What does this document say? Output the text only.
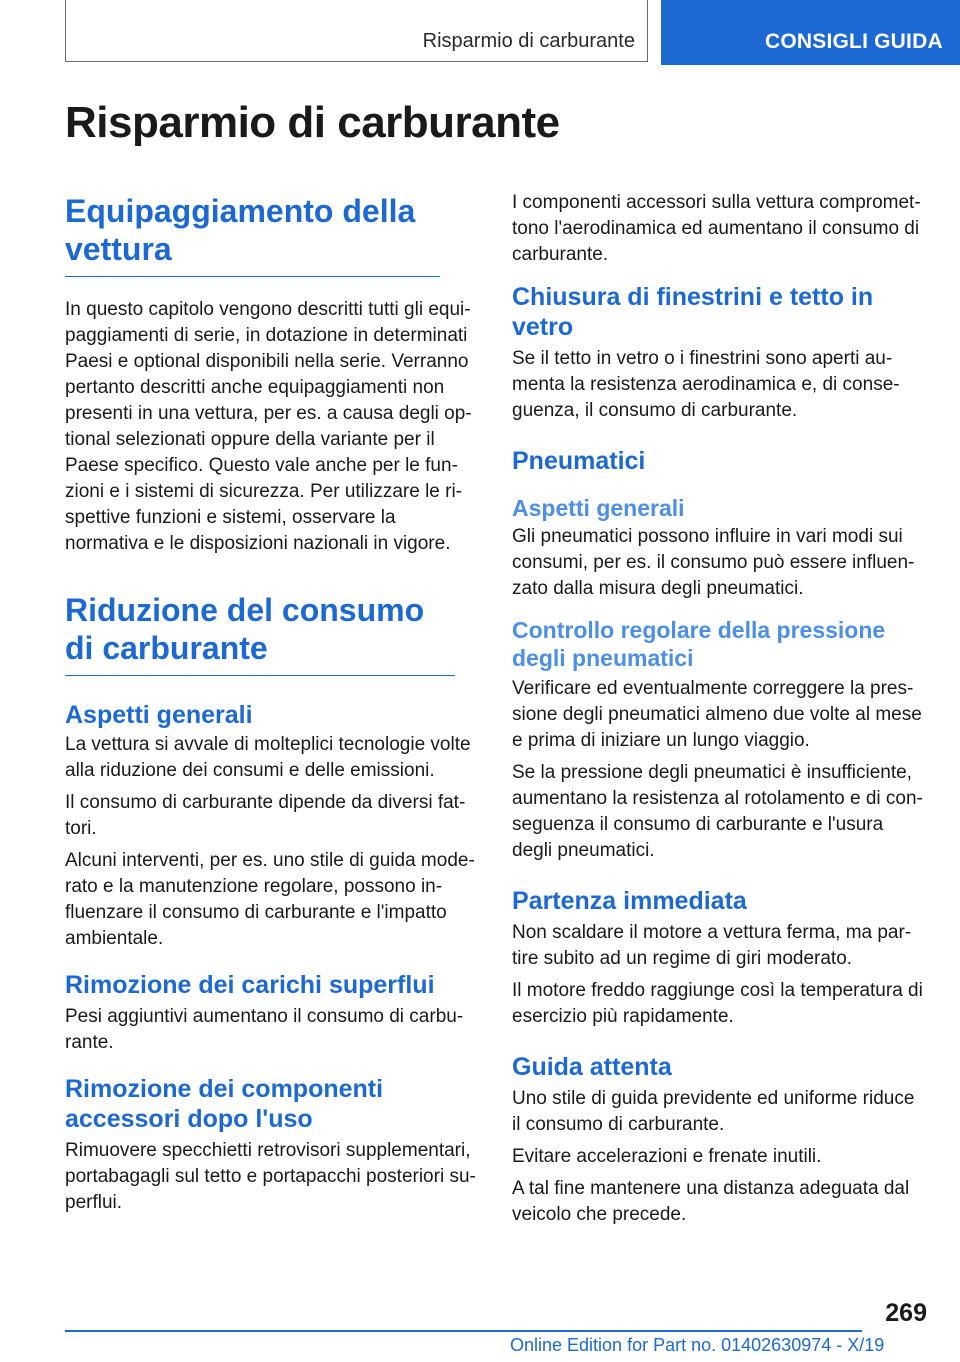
Risparmio di carburante	CONSIGLI GUIDA
Risparmio di carburante
Equipaggiamento della vettura

In questo capitolo vengono descritti tutti gli equi-paggiamenti di serie, in dotazione in determinati Paesi e optional disponibili nella serie. Verranno pertanto descritti anche equipaggiamenti non presenti in una vettura, per es. a causa degli op-tional selezionati oppure della variante per il Paese specifico. Questo vale anche per le fun-zioni e i sistemi di sicurezza. Per utilizzare le ri-spettive funzioni e sistemi, osservare la normativa e le disposizioni nazionali in vigore.

Riduzione del consumo di carburante
Aspetti generali

La vettura si avvale di molteplici tecnologie volte alla riduzione dei consumi e delle emissioni.

Il consumo di carburante dipende da diversi fat-tori.

Alcuni interventi, per es. uno stile di guida mode-rato e la manutenzione regolare, possono in-fluenzare il consumo di carburante e l'impatto ambientale.

Rimozione dei carichi superflui

Pesi aggiuntivi aumentano il consumo di carbu-rante.

Rimozione dei componenti accessori dopo l'uso

Rimuovere specchietti retrovisori supplementari, portabagagli sul tetto e portapacchi posteriori su-perflui.

I componenti accessori sulla vettura compromet-tono l'aerodinamica ed aumentano il consumo di carburante.

Chiusura di finestrini e tetto in vetro

Se il tetto in vetro o i finestrini sono aperti au-menta la resistenza aerodinamica e, di conse-guenza, il consumo di carburante.

Pneumatici
Aspetti generali

Gli pneumatici possono influire in vari modi sui consumi, per es. il consumo può essere influen-zato dalla misura degli pneumatici.

Controllo regolare della pressione degli pneumatici

Verificare ed eventualmente correggere la pres-sione degli pneumatici almeno due volte al mese e prima di iniziare un lungo viaggio.

Se la pressione degli pneumatici è insufficiente, aumentano la resistenza al rotolamento e di con-seguenza il consumo di carburante e l'usura degli pneumatici.

Partenza immediata

Non scaldare il motore a vettura ferma, ma par-tire subito ad un regime di giri moderato.

Il motore freddo raggiunge così la temperatura di esercizio più rapidamente.

Guida attenta

Uno stile di guida previdente ed uniforme riduce il consumo di carburante.

Evitare accelerazioni e frenate inutili.

A tal fine mantenere una distanza adeguata dal veicolo che precede.

269
Online Edition for Part no. 01402630974 - X/19
